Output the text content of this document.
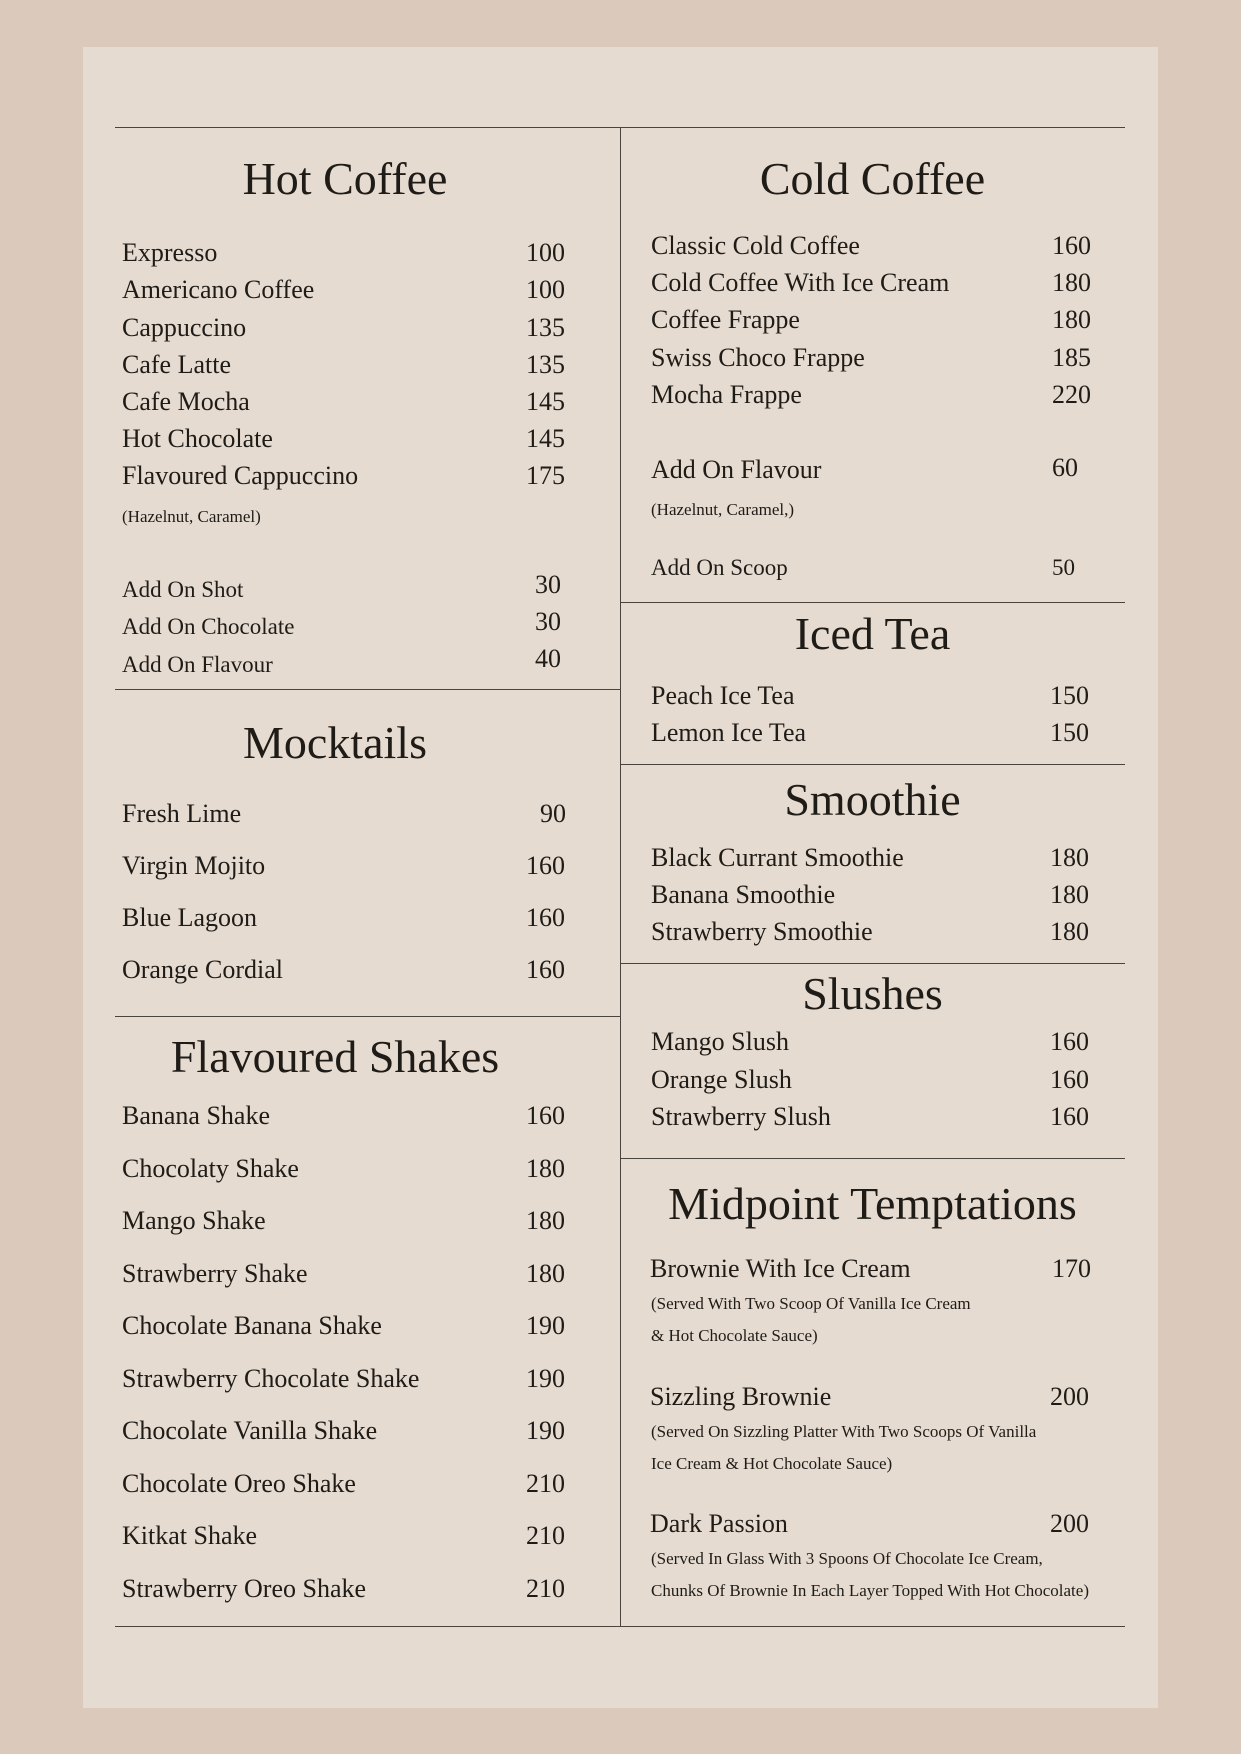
Hot Coffee
Expresso	100
Americano Coffee	100
Cappuccino	135
Cafe Latte	135
Cafe Mocha	145
Hot Chocolate	145
Flavoured Cappuccino	175
(Hazelnut, Caramel)
Add On Shot	30
Add On Chocolate	30
Add On Flavour	40
Mocktails
Fresh Lime	90
Virgin Mojito	160
Blue Lagoon	160
Orange Cordial	160
Flavoured Shakes
Banana Shake	160
Chocolaty Shake	180
Mango Shake	180
Strawberry Shake	180
Chocolate Banana Shake	190
Strawberry Chocolate Shake	190
Chocolate Vanilla Shake	190
Chocolate Oreo Shake	210
Kitkat Shake	210
Strawberry Oreo Shake	210
Cold Coffee
Classic Cold Coffee	160
Cold Coffee With Ice Cream	180
Coffee Frappe	180
Swiss Choco Frappe	185
Mocha Frappe	220
Add On Flavour	60
(Hazelnut, Caramel,)
Add On Scoop	50
Iced Tea
Peach Ice Tea	150
Lemon Ice Tea	150
Smoothie
Black Currant Smoothie	180
Banana Smoothie	180
Strawberry Smoothie	180
Slushes
Mango Slush	160
Orange Slush	160
Strawberry Slush	160
Midpoint Temptations
Brownie With Ice Cream	170
(Served With Two Scoop Of Vanilla Ice Cream
& Hot Chocolate Sauce)
Sizzling Brownie	200
(Served On Sizzling Platter With Two Scoops Of Vanilla
Ice Cream & Hot Chocolate Sauce)
Dark Passion	200
(Served In Glass With 3 Spoons Of Chocolate Ice Cream,
Chunks Of Brownie In Each Layer Topped With Hot Chocolate)
